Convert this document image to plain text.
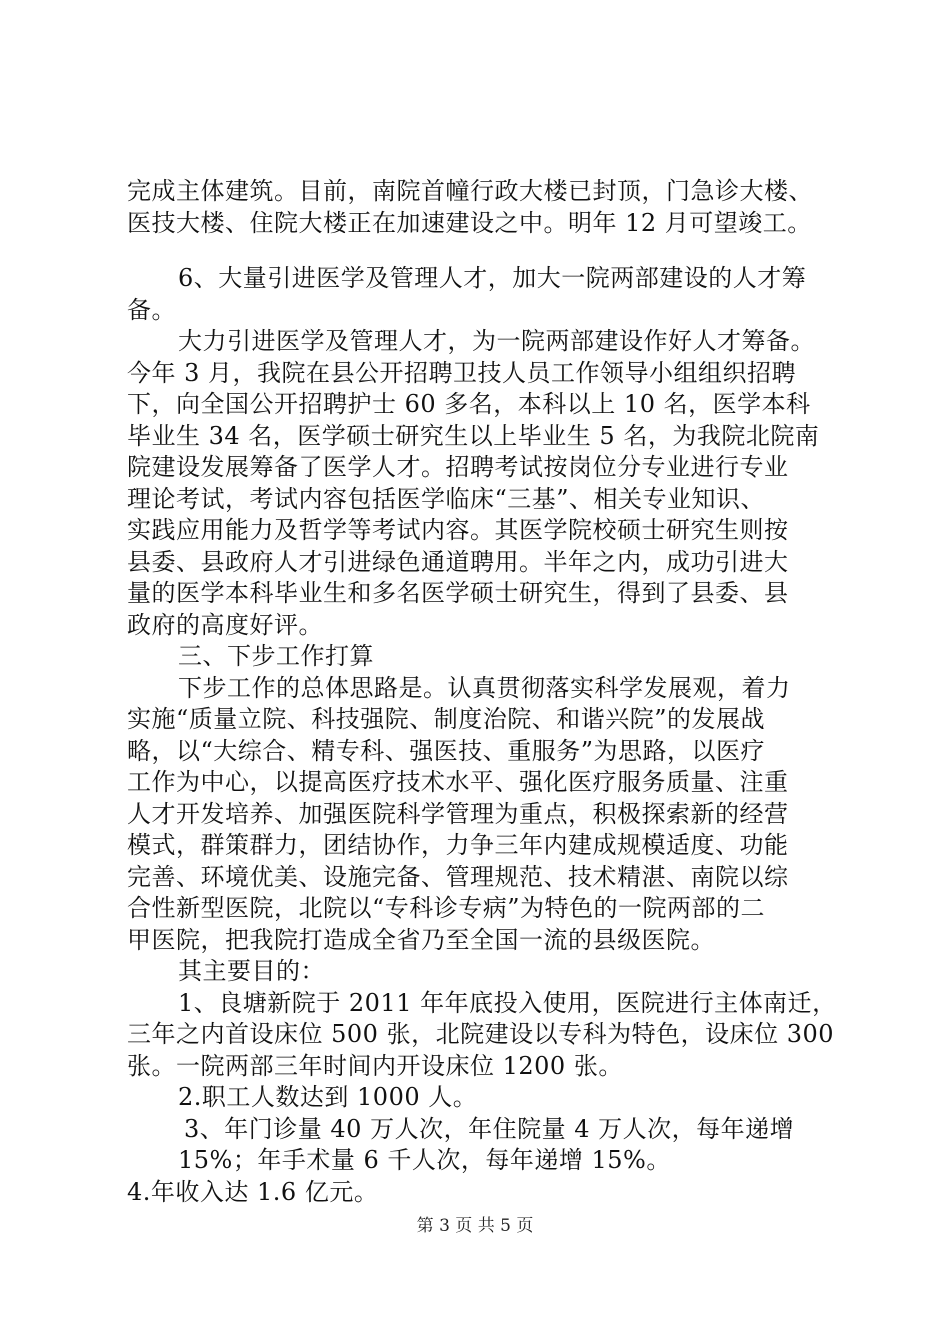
完成主体建筑。目前，南院首幢行政大楼已封顶，门急诊大楼、
医技大楼、住院大楼正在加速建设之中。明年 12 月可望竣工。
6、大量引进医学及管理人才，加大一院两部建设的人才筹
备。
大力引进医学及管理人才，为一院两部建设作好人才筹备。
今年 3 月，我院在县公开招聘卫技人员工作领导小组组织招聘
下，向全国公开招聘护士 60 多名，本科以上 10 名，医学本科
毕业生 34 名，医学硕士研究生以上毕业生 5 名，为我院北院南
院建设发展筹备了医学人才。招聘考试按岗位分专业进行专业
理论考试，考试内容包括医学临床“三基”、相关专业知识、
实践应用能力及哲学等考试内容。其医学院校硕士研究生则按
县委、县政府人才引进绿色通道聘用。半年之内，成功引进大
量的医学本科毕业生和多名医学硕士研究生，得到了县委、县
政府的高度好评。
三、下步工作打算
下步工作的总体思路是。认真贯彻落实科学发展观，着力
实施“质量立院、科技强院、制度治院、和谐兴院”的发展战
略，以“大综合、精专科、强医技、重服务”为思路，以医疗
工作为中心，以提高医疗技术水平、强化医疗服务质量、注重
人才开发培养、加强医院科学管理为重点，积极探索新的经营
模式，群策群力，团结协作，力争三年内建成规模适度、功能
完善、环境优美、设施完备、管理规范、技术精湛、南院以综
合性新型医院，北院以“专科诊专病”为特色的一院两部的二
甲医院，把我院打造成全省乃至全国一流的县级医院。
其主要目的：
1、良塘新院于 2011 年年底投入使用，医院进行主体南迁，
三年之内首设床位 500 张，北院建设以专科为特色，设床位 300
张。一院两部三年时间内开设床位 1200 张。
2.职工人数达到 1000 人。
3、年门诊量 40 万人次，年住院量 4 万人次，每年递增
15%；年手术量 6 千人次，每年递增 15%。
4.年收入达 1.6 亿元。
第 3 页 共 5 页
